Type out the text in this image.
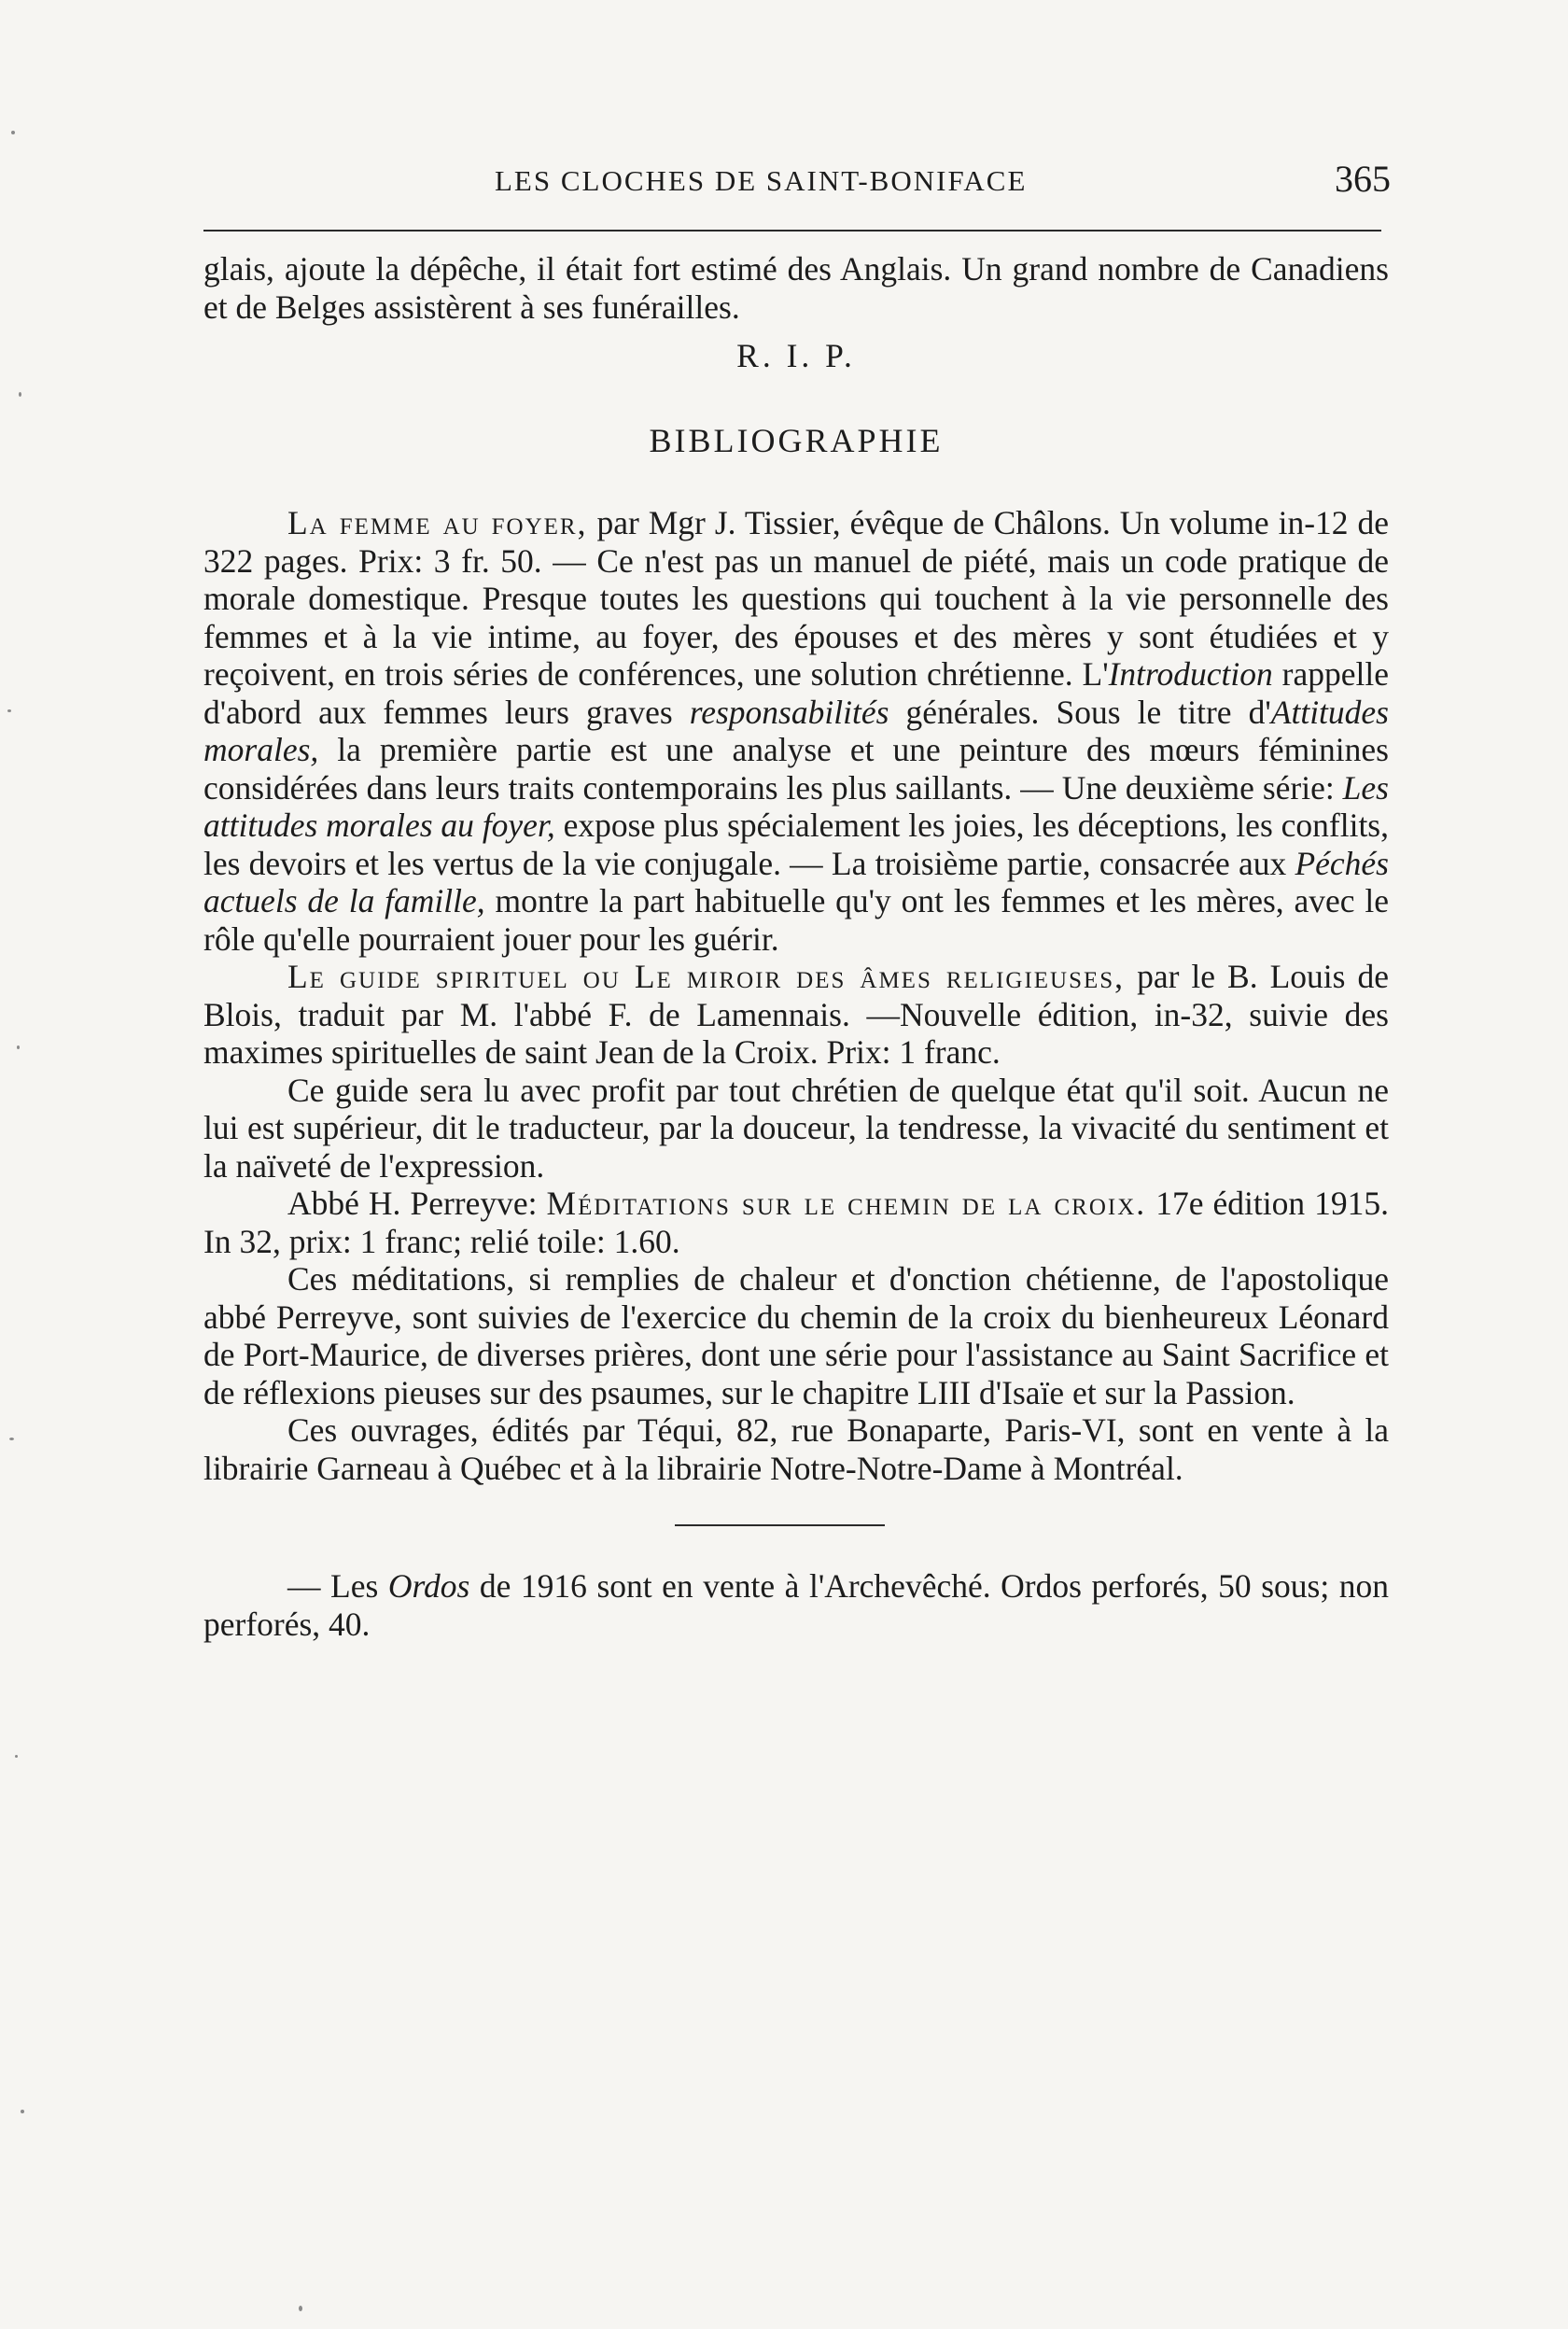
LES CLOCHES DE SAINT-BONIFACE	365

glais, ajoute la dépêche, il était fort estimé des Anglais. Un grand nombre de Canadiens et de Belges assistèrent à ses funérailles.

R. I. P.

BIBLIOGRAPHIE

La femme au foyer, par Mgr J. Tissier, évêque de Châlons. Un volume in-12 de 322 pages. Prix: 3 fr. 50. — Ce n'est pas un manuel de piété, mais un code pratique de morale domestique. Presque toutes les questions qui touchent à la vie personnelle des femmes et à la vie intime, au foyer, des épouses et des mères y sont étudiées et y reçoivent, en trois séries de conférences, une solution chrétienne. L'Introduction rappelle d'abord aux femmes leurs graves responsabilités générales. Sous le titre d'Attitudes morales, la première partie est une analyse et une peinture des mœurs féminines considérées dans leurs traits contemporains les plus saillants. — Une deuxième série: Les attitudes morales au foyer, expose plus spécialement les joies, les déceptions, les conflits, les devoirs et les vertus de la vie conjugale. — La troisième partie, consacrée aux Péchés actuels de la famille, montre la part habituelle qu'y ont les femmes et les mères, avec le rôle qu'elle pourraient jouer pour les guérir.

Le guide spirituel ou Le miroir des âmes religieuses, par le B. Louis de Blois, traduit par M. l'abbé F. de Lamennais. —Nouvelle édition, in-32, suivie des maximes spirituelles de saint Jean de la Croix. Prix: 1 franc.

Ce guide sera lu avec profit par tout chrétien de quelque état qu'il soit. Aucun ne lui est supérieur, dit le traducteur, par la douceur, la tendresse, la vivacité du sentiment et la naïveté de l'expression.

Abbé H. Perreyve: Méditations sur le chemin de la croix. 17e édition 1915. In 32, prix: 1 franc; relié toile: 1.60.

Ces méditations, si remplies de chaleur et d'onction chétienne, de l'apostolique abbé Perreyve, sont suivies de l'exercice du chemin de la croix du bienheureux Léonard de Port-Maurice, de diverses prières, dont une série pour l'assistance au Saint Sacrifice et de réflexions pieuses sur des psaumes, sur le chapitre LIII d'Isaïe et sur la Passion.

Ces ouvrages, édités par Téqui, 82, rue Bonaparte, Paris-VI, sont en vente à la librairie Garneau à Québec et à la librairie Notre-Notre-Dame à Montréal.

— Les Ordos de 1916 sont en vente à l'Archevêché. Ordos perforés, 50 sous; non perforés, 40.
